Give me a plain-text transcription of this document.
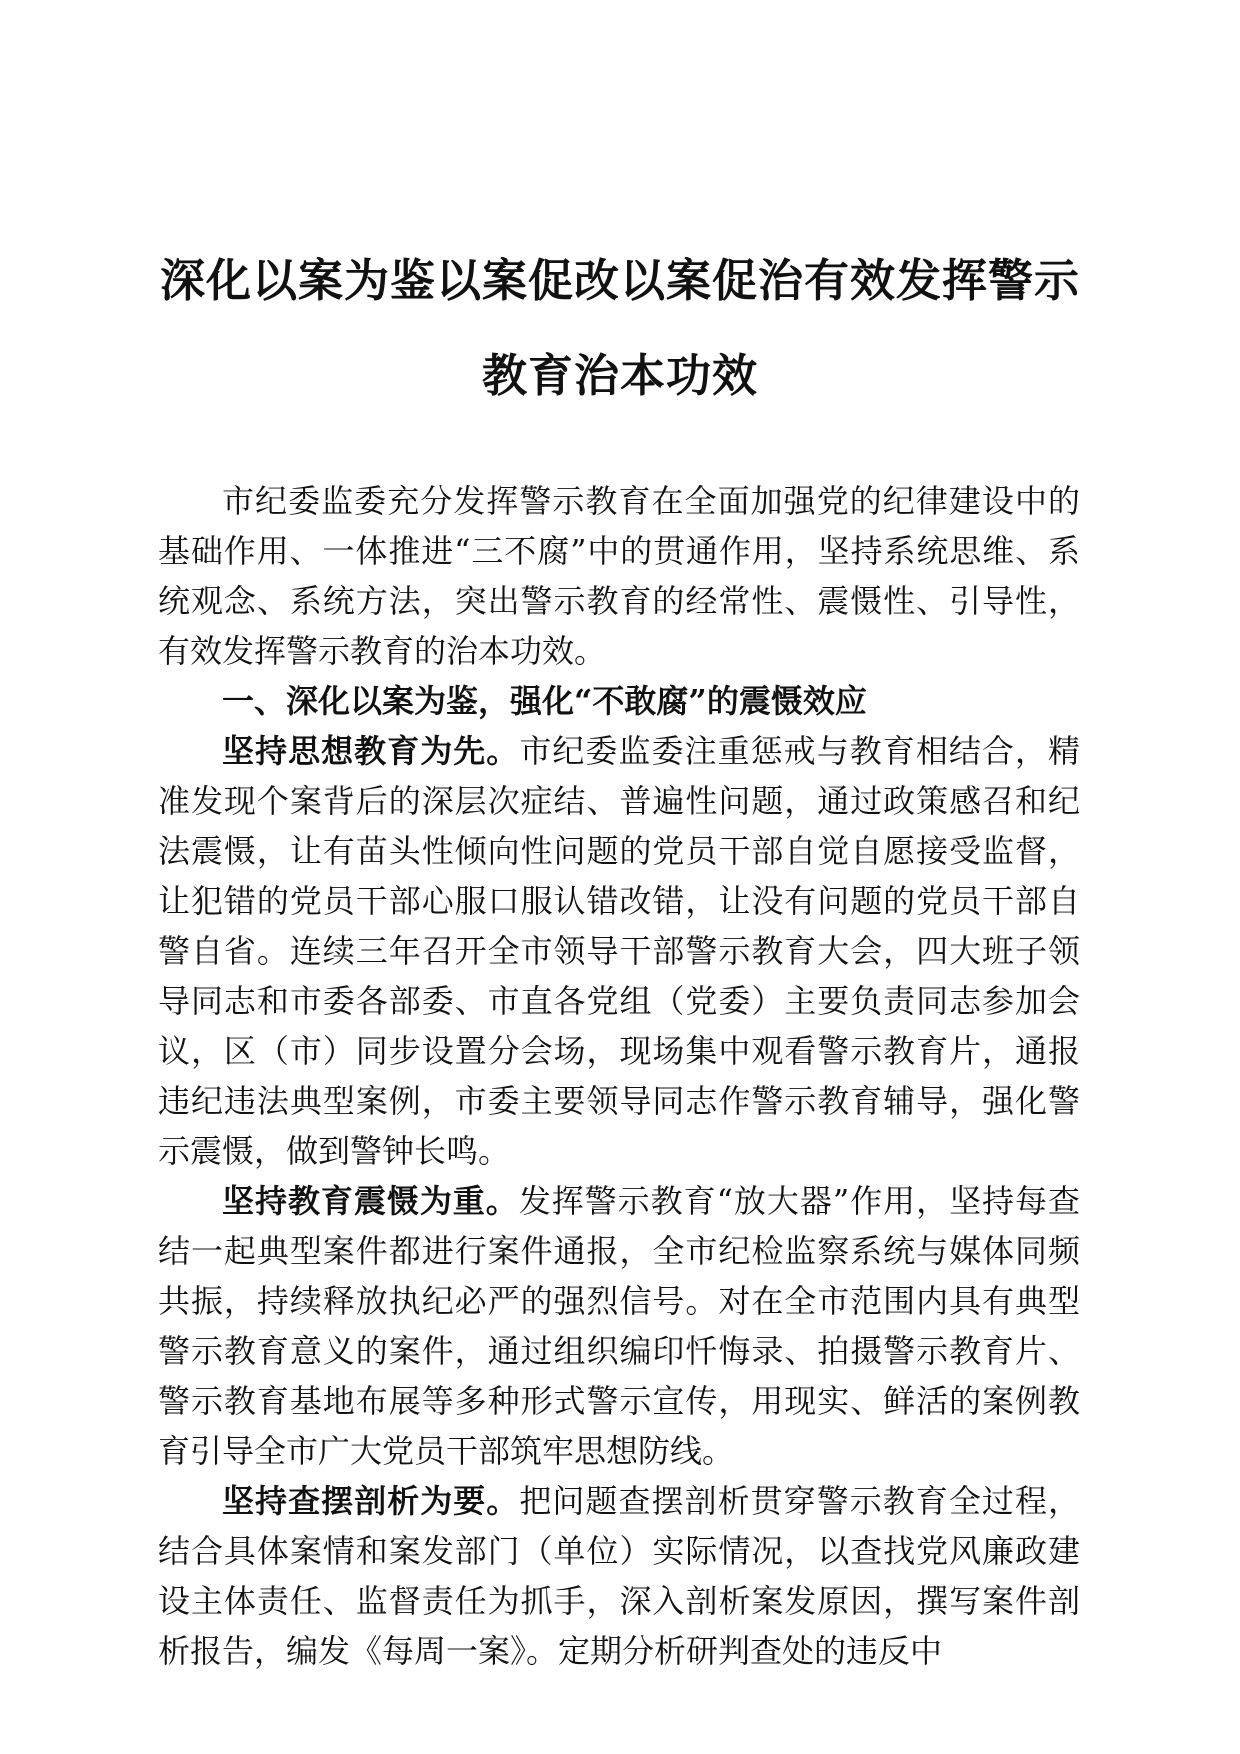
深化以案为鉴以案促改以案促治有效发挥警示
教育治本功效

市纪委监委充分发挥警示教育在全面加强党的纪律建设中的基础作用、一体推进“三不腐”中的贯通作用，坚持系统思维、系统观念、系统方法，突出警示教育的经常性、震慑性、引导性，有效发挥警示教育的治本功效。

一、深化以案为鉴，强化“不敢腐”的震慑效应

坚持思想教育为先。市纪委监委注重惩戒与教育相结合，精准发现个案背后的深层次症结、普遍性问题，通过政策感召和纪法震慑，让有苗头性倾向性问题的党员干部自觉自愿接受监督，让犯错的党员干部心服口服认错改错，让没有问题的党员干部自警自省。连续三年召开全市领导干部警示教育大会，四大班子领导同志和市委各部委、市直各党组（党委）主要负责同志参加会议，区（市）同步设置分会场，现场集中观看警示教育片，通报违纪违法典型案例，市委主要领导同志作警示教育辅导，强化警示震慑，做到警钟长鸣。

坚持教育震慑为重。发挥警示教育“放大器”作用，坚持每查结一起典型案件都进行案件通报，全市纪检监察系统与媒体同频共振，持续释放执纪必严的强烈信号。对在全市范围内具有典型警示教育意义的案件，通过组织编印忏悔录、拍摄警示教育片、警示教育基地布展等多种形式警示宣传，用现实、鲜活的案例教育引导全市广大党员干部筑牢思想防线。

坚持查摆剖析为要。把问题查摆剖析贯穿警示教育全过程，结合具体案情和案发部门（单位）实际情况，以查找党风廉政建设主体责任、监督责任为抓手，深入剖析案发原因，撰写案件剖析报告，编发《每周一案》。定期分析研判查处的违反中
